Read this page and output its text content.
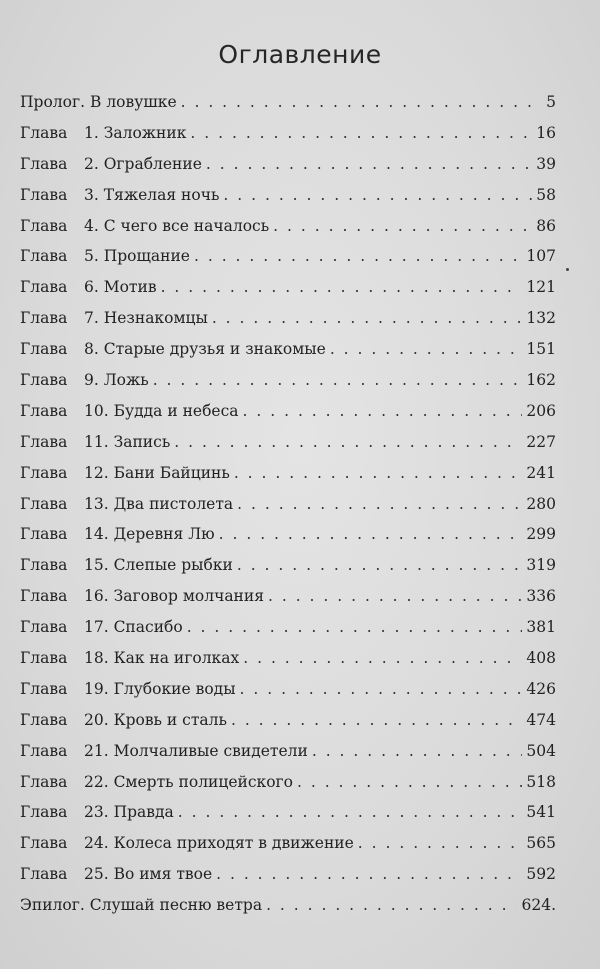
Оглавление
Пролог. В ловушке . . .	5
Глава	1. Заложник . . .	16
Глава	2. Ограбление . . .	39
Глава	3. Тяжелая ночь . . .	58
Глава	4. С чего все началось . . .	86
Глава	5. Прощание . . .	107
Глава	6. Мотив . . .	121
Глава	7. Незнакомцы . . .	132
Глава	8. Старые друзья и знакомые . . .	151
Глава	9. Ложь . . .	162
Глава	10. Будда и небеса . . .	206
Глава	11. Запись . . .	227
Глава	12. Бани Байцинь . . .	241
Глава	13. Два пистолета . . .	280
Глава	14. Деревня Лю . . .	299
Глава	15. Слепые рыбки . . .	319
Глава	16. Заговор молчания . . .	336
Глава	17. Спасибо . . .	381
Глава	18. Как на иголках . . .	408
Глава	19. Глубокие воды . . .	426
Глава	20. Кровь и сталь . . .	474
Глава	21. Молчаливые свидетели . . .	504
Глава	22. Смерть полицейского . . .	518
Глава	23. Правда . . .	541
Глава	24. Колеса приходят в движение . . .	565
Глава	25. Во имя твое . . .	592
Эпилог. Слушай песню ветра . . .	624.
